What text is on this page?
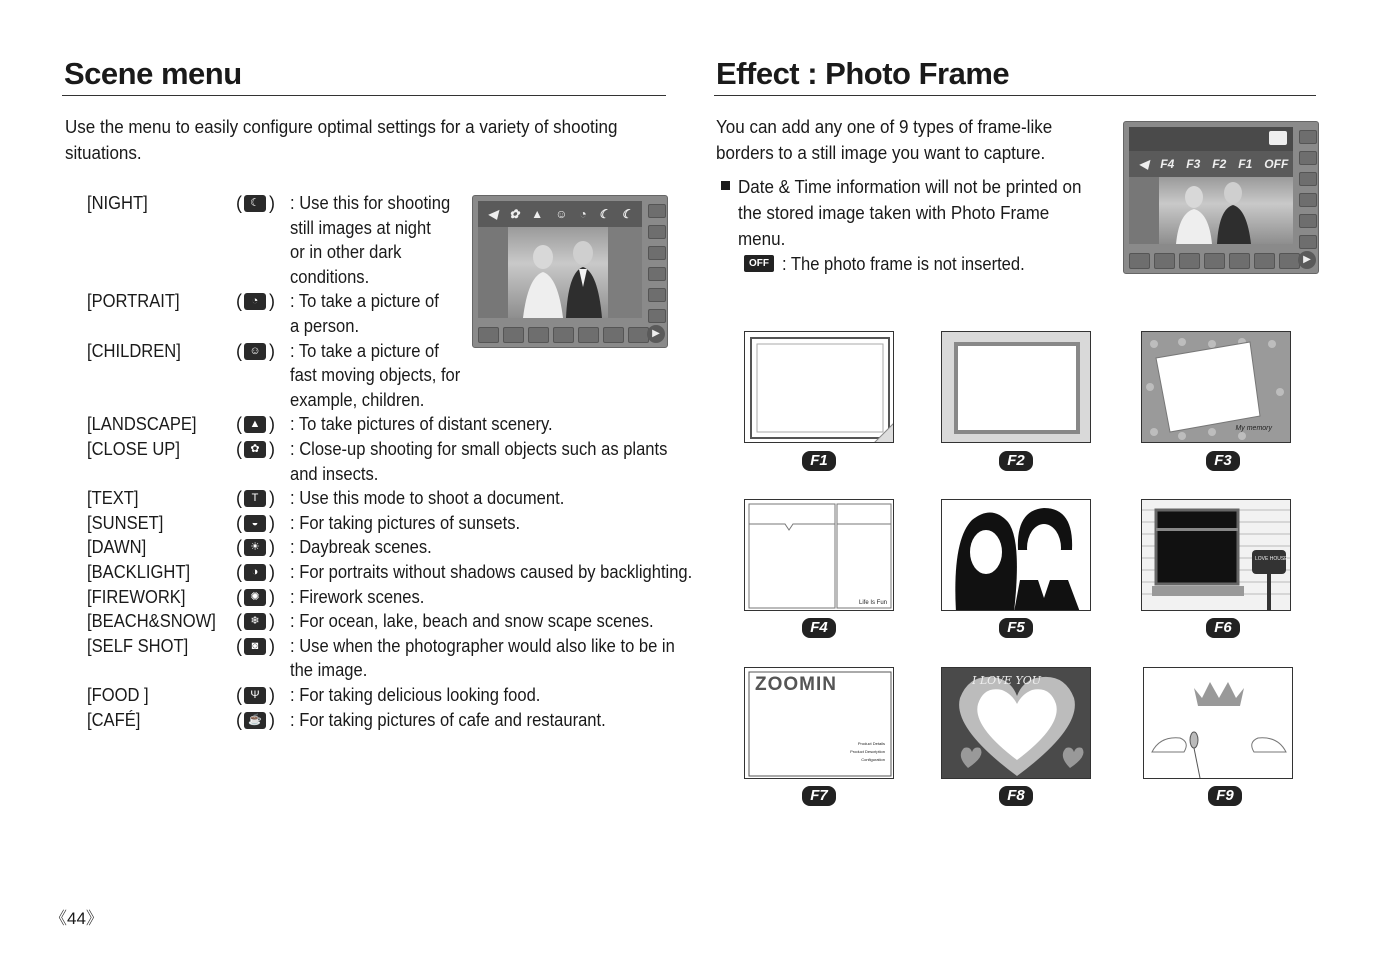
Scene menu
Use the menu to easily configure optimal settings for a variety of shooting
situations.
[NIGHT]	( ☾ ) : Use this for shooting
still images at night
or in other dark
conditions.
[PORTRAIT]	( ◔ ) : To take a picture of
a person.
[CHILDREN]	( ☺ ) : To take a picture of
fast moving objects, for
example, children.
[LANDSCAPE] ( ▲ ) : To take pictures of distant scenery.
[CLOSE UP]	( ✿ ) : Close-up shooting for small objects such as plants
and insects.
[TEXT]	( T ) : Use this mode to shoot a document.
[SUNSET]	( ◒ ) : For taking pictures of sunsets.
[DAWN]	( ☀ ) : Daybreak scenes.
[BACKLIGHT]	( ◑ ) : For portraits without shadows caused by backlighting.
[FIREWORK]	( ✺ ) : Firework scenes.
[BEACH&SNOW] ( ❄ ) : For ocean, lake, beach and snow scape scenes.
[SELF SHOT]	( ◙ ) : Use when the photographer would also like to be in
the image.
[FOOD ]	( Ψ ) : For taking delicious looking food.
[CAFÉ]	( ☕ ) : For taking pictures of cafe and restaurant.
◀ ✿ ▲ ☺ ◔ ☾ ☾
▶
Effect : Photo Frame
You can add any one of 9 types of frame-like
borders to a still image you want to capture.
Date & Time information will not be printed on
the stored image taken with Photo Frame
menu.
OFF : The photo frame is not inserted.
◀ F4 F3 F2 F1 OFF
▶
My memory
F1	F2	F3
Life Is Fun
LOVE HOUSE
F4	F5	F6
ZOOMIN
Product Details
Product Description
Configuration
I LOVE YOU
F7	F8	F9
《44》
